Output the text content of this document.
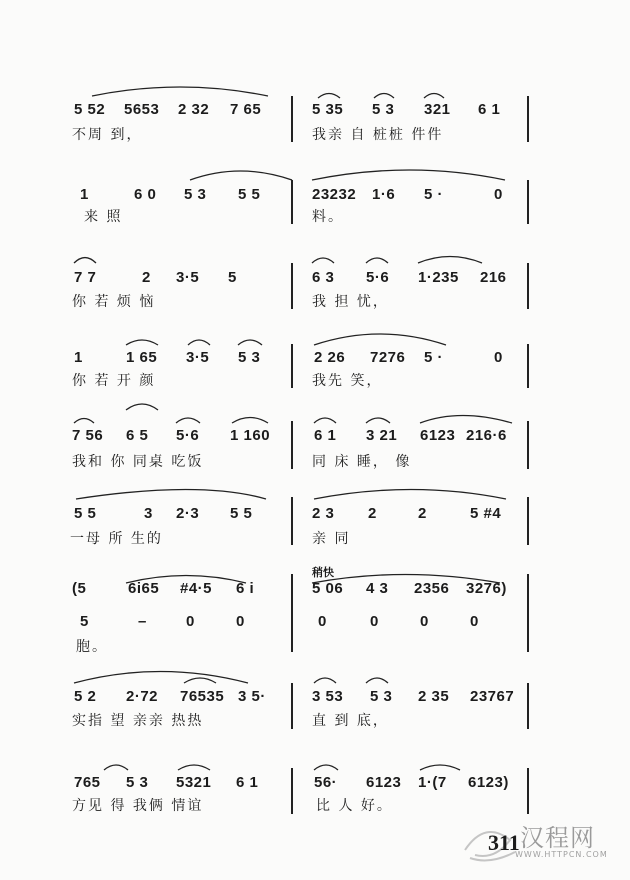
5 52 5653 2 32 7 65	5 35 5 3 321 6 1
不周 到，	我亲 自 桩桩 件件
1	6 0 5 3 5 5	23232 1·6 5 ·	0
来 照	料。
7 7	2 3·5 5	6 3 5·6 1·235 216
你 若 烦 恼	我 担 忧，
1	1 65 3·5 5 3	2 26 7276 5 ·	0
你 若 开 颜	我先 笑，
7 56 6 5 5·6 1 160	6 1 3 21 6123 216·6
我和 你 同桌 吃饭	同 床 睡， 像
5 5	3 2·3 5 5	2 3 2	2	5 #4
一母 所 生的	亲 同
稍快
(5	6i65 #4·5 6 i	5 06 4 3 2356 3276)
5	–	0	0	0	0	0	0
胞。
5 2 2·72 76535 3 5·	3 53 5 3 2 35 23767
实指 望 亲亲 热热	直 到 底，
765 5 3 5321 6 1	56· 6123 1·(7 6123)
方见 得 我俩 情谊	比 人 好。
汉程网
WWW.HTTPCN.COM
311
